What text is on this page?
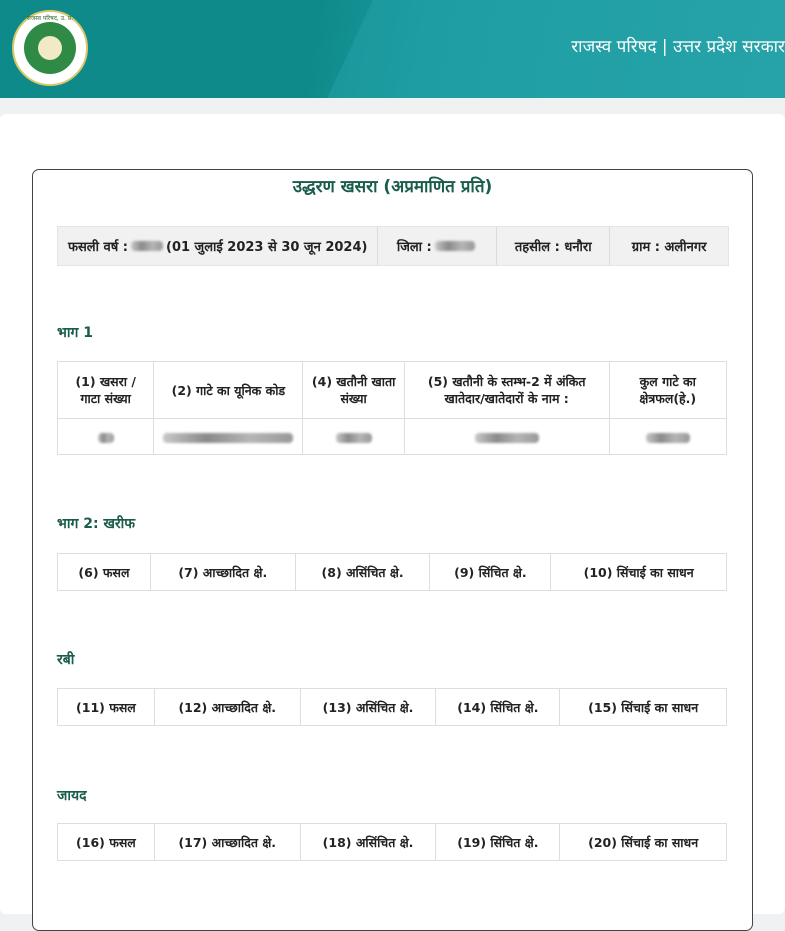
राजस्व परिषद, उ. प्र.
राजस्व परिषद | उत्तर प्रदेश सरकार
उद्धरण खसरा (अप्रमाणित प्रति)
फसली वर्ष :	(01 जुलाई 2023 से 30 जून 2024) जिला :	तहसील : धनौरा	ग्राम : अलीनगर
भाग 1
(1) खसरा / गाटा संख्या	(2) गाटे का यूनिक कोड	(4) खतौनी खाता संख्या	(5) खतौनी के स्तम्भ-2 में अंकित खातेदार/खातेदारों के नाम :	कुल गाटे का क्षेत्रफल(हे.)

भाग 2: खरीफ
(6) फसल	(7) आच्छादित क्षे.	(8) असिंचित क्षे.	(9) सिंचित क्षे.	(10) सिंचाई का साधन
रबी
(11) फसल	(12) आच्छादित क्षे.	(13) असिंचित क्षे.	(14) सिंचित क्षे.	(15) सिंचाई का साधन
जायद
(16) फसल	(17) आच्छादित क्षे.	(18) असिंचित क्षे.	(19) सिंचित क्षे.	(20) सिंचाई का साधन
